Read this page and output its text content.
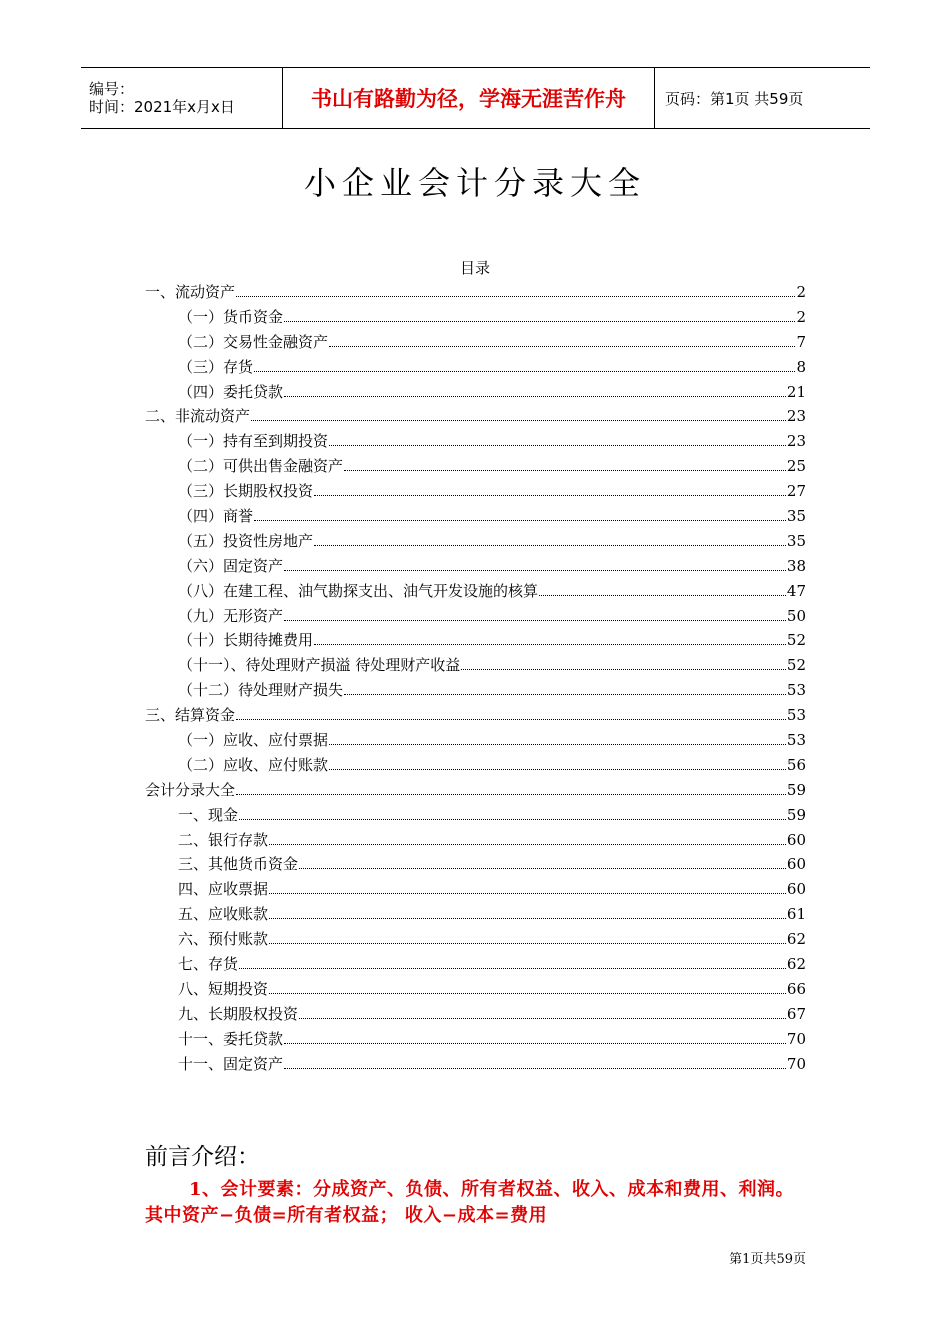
编号：
时间：2021年x月x日	书山有路勤为径，学海无涯苦作舟	页码：第1页 共59页
小企业会计分录大全
目录
一、流动资产	2
（一）货币资金	2
（二）交易性金融资产	7
（三）存货	8
（四）委托贷款	21
二、非流动资产	23
（一）持有至到期投资	23
（二）可供出售金融资产	25
（三）长期股权投资	27
（四）商誉	35
（五）投资性房地产	35
（六）固定资产	38
（八）在建工程、油气勘探支出、油气开发设施的核算	47
（九）无形资产	50
（十）长期待摊费用	52
（十一）、待处理财产损溢 待处理财产收益	52
（十二）待处理财产损失	53
三、结算资金	53
（一）应收、应付票据	53
（二）应收、应付账款	56
会计分录大全	59
一、现金	59
二、银行存款	60
三、其他货币资金	60
四、应收票据	60
五、应收账款	61
六、预付账款	62
七、存货	62
八、短期投资	66
九、长期股权投资	67
十一、委托贷款	70
十一、固定资产	70
前言介绍：
1、会计要素：分成资产、负债、所有者权益、收入、成本和费用、利润。 其中资产−负债=所有者权益； 收入−成本=费用
第1页共59页
